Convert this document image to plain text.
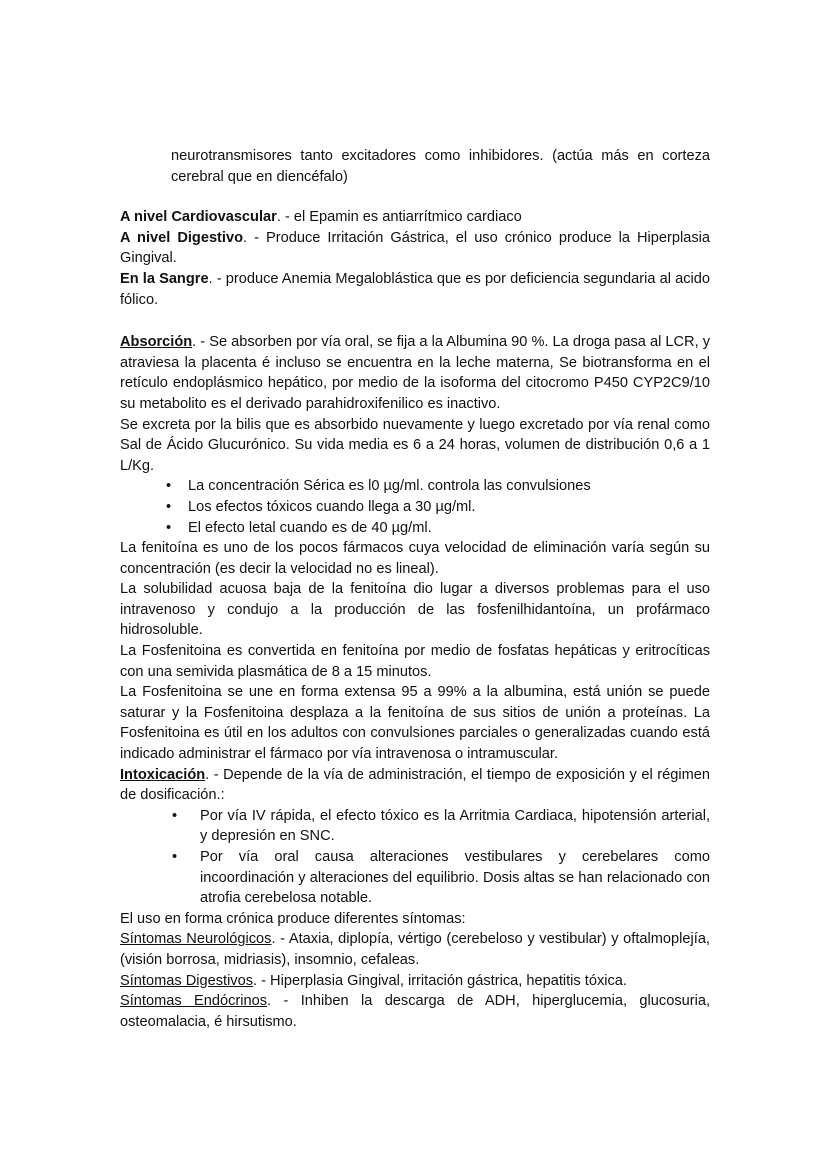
neurotransmisores tanto excitadores como inhibidores. (actúa más en corteza cerebral que en diencéfalo)

A nivel Cardiovascular. - el Epamin es antiarrítmico cardiaco

A nivel Digestivo. - Produce Irritación Gástrica, el uso crónico produce la Hiperplasia Gingival.

En la Sangre. - produce Anemia Megaloblástica que es por deficiencia segundaria al acido fólico.

Absorción. - Se absorben por vía oral, se fija a la Albumina 90 %. La droga pasa al LCR, y atraviesa la placenta é incluso se encuentra en la leche materna, Se biotransforma en el retículo endoplásmico hepático, por medio de la isoforma del citocromo P450 CYP2C9/10 su metabolito es el derivado parahidroxifenilico es inactivo.

Se excreta por la bilis que es absorbido nuevamente y luego excretado por vía renal como Sal de Ácido Glucurónico. Su vida media es 6 a 24 horas, volumen de distribución 0,6 a 1 L/Kg.

•
La concentración Sérica es l0 µg/ml. controla las convulsiones
•
Los efectos tóxicos cuando llega a 30 µg/ml.
•
El efecto letal cuando es de 40 µg/ml.

La fenitoína es uno de los pocos fármacos cuya velocidad de eliminación varía según su concentración (es decir la velocidad no es lineal).

La solubilidad acuosa baja de la fenitoína dio lugar a diversos problemas para el uso intravenoso y condujo a la producción de las fosfenilhidantoína, un profármaco hidrosoluble.

La Fosfenitoina es convertida en fenitoína por medio de fosfatas hepáticas y eritrocíticas con una semivida plasmática de 8 a 15 minutos.

La Fosfenitoina se une en forma extensa 95 a 99% a la albumina, está unión se puede saturar y la Fosfenitoina desplaza a la fenitoína de sus sitios de unión a proteínas. La Fosfenitoina es útil en los adultos con convulsiones parciales o generalizadas cuando está indicado administrar el fármaco por vía intravenosa o intramuscular.

Intoxicación. - Depende de la vía de administración, el tiempo de exposición y el régimen de dosificación.:

•
Por vía IV rápida, el efecto tóxico es la Arritmia Cardiaca, hipotensión arterial, y depresión en SNC.
•
Por vía oral causa alteraciones vestibulares y cerebelares como incoordinación y alteraciones del equilibrio. Dosis altas se han relacionado con atrofia cerebelosa notable.

El uso en forma crónica produce diferentes síntomas:

Síntomas Neurológicos. - Ataxia, diplopía, vértigo (cerebeloso y vestibular) y oftalmoplejía, (visión borrosa, midriasis), insomnio, cefaleas.

Síntomas Digestivos. - Hiperplasia Gingival, irritación gástrica, hepatitis tóxica.

Síntomas Endócrinos. - Inhiben la descarga de ADH, hiperglucemia, glucosuria, osteomalacia, é hirsutismo.
